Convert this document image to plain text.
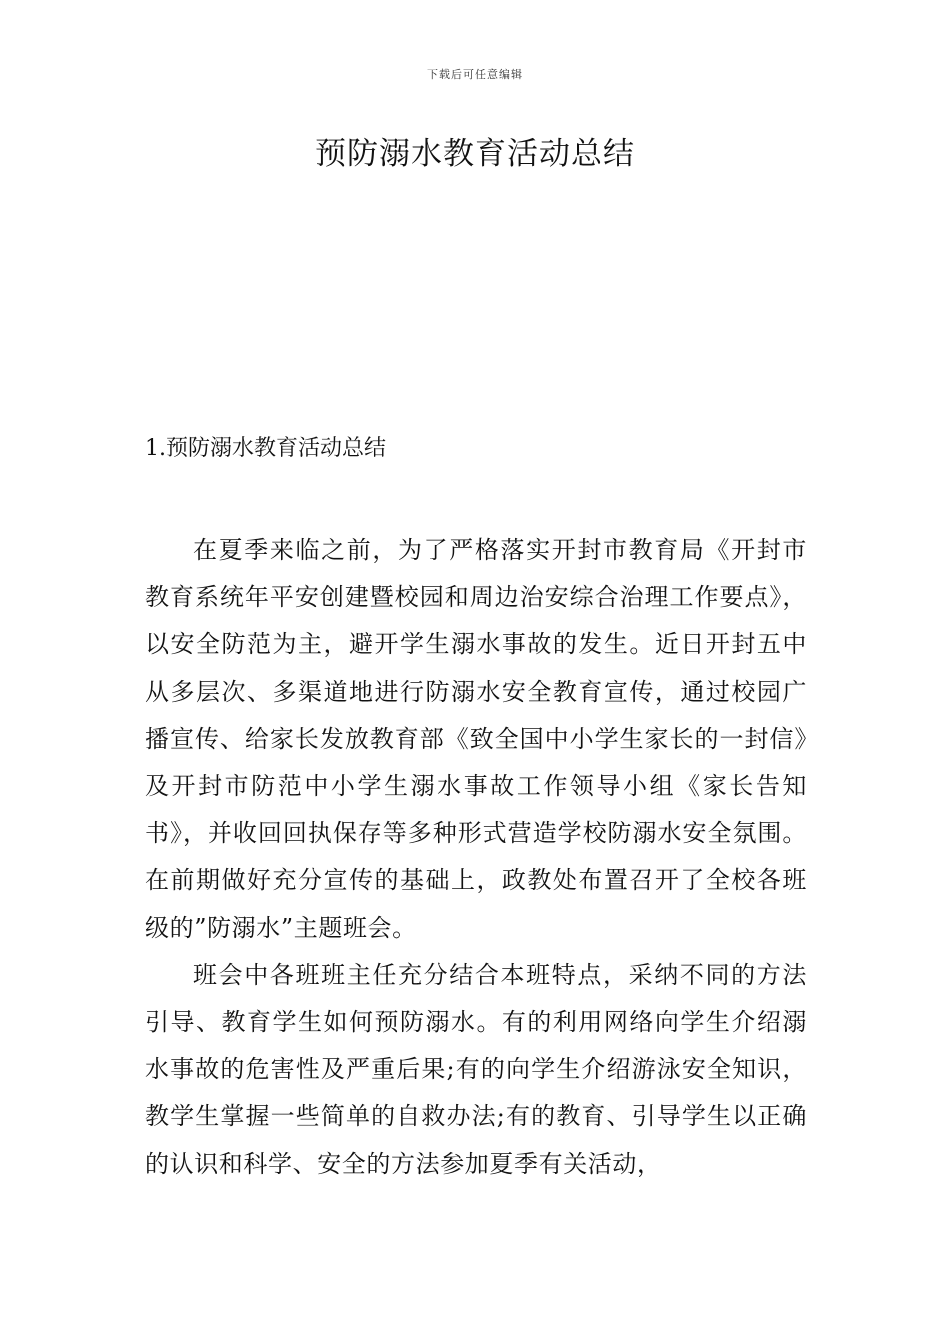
下载后可任意编辑
预防溺水教育活动总结
1.预防溺水教育活动总结

在夏季来临之前，为了严格落实开封市教育局《开封市教育系统年平安创建暨校园和周边治安综合治理工作要点》，以安全防范为主，避开学生溺水事故的发生。近日开封五中从多层次、多渠道地进行防溺水安全教育宣传，通过校园广播宣传、给家长发放教育部《致全国中小学生家长的一封信》及开封市防范中小学生溺水事故工作领导小组《家长告知书》，并收回回执保存等多种形式营造学校防溺水安全氛围。在前期做好充分宣传的基础上，政教处布置召开了全校各班级的”防溺水”主题班会。

班会中各班班主任充分结合本班特点，采纳不同的方法引导、教育学生如何预防溺水。有的利用网络向学生介绍溺水事故的危害性及严重后果;有的向学生介绍游泳安全知识，教学生掌握一些简单的自救办法;有的教育、引导学生以正确的认识和科学、安全的方法参加夏季有关活动，
